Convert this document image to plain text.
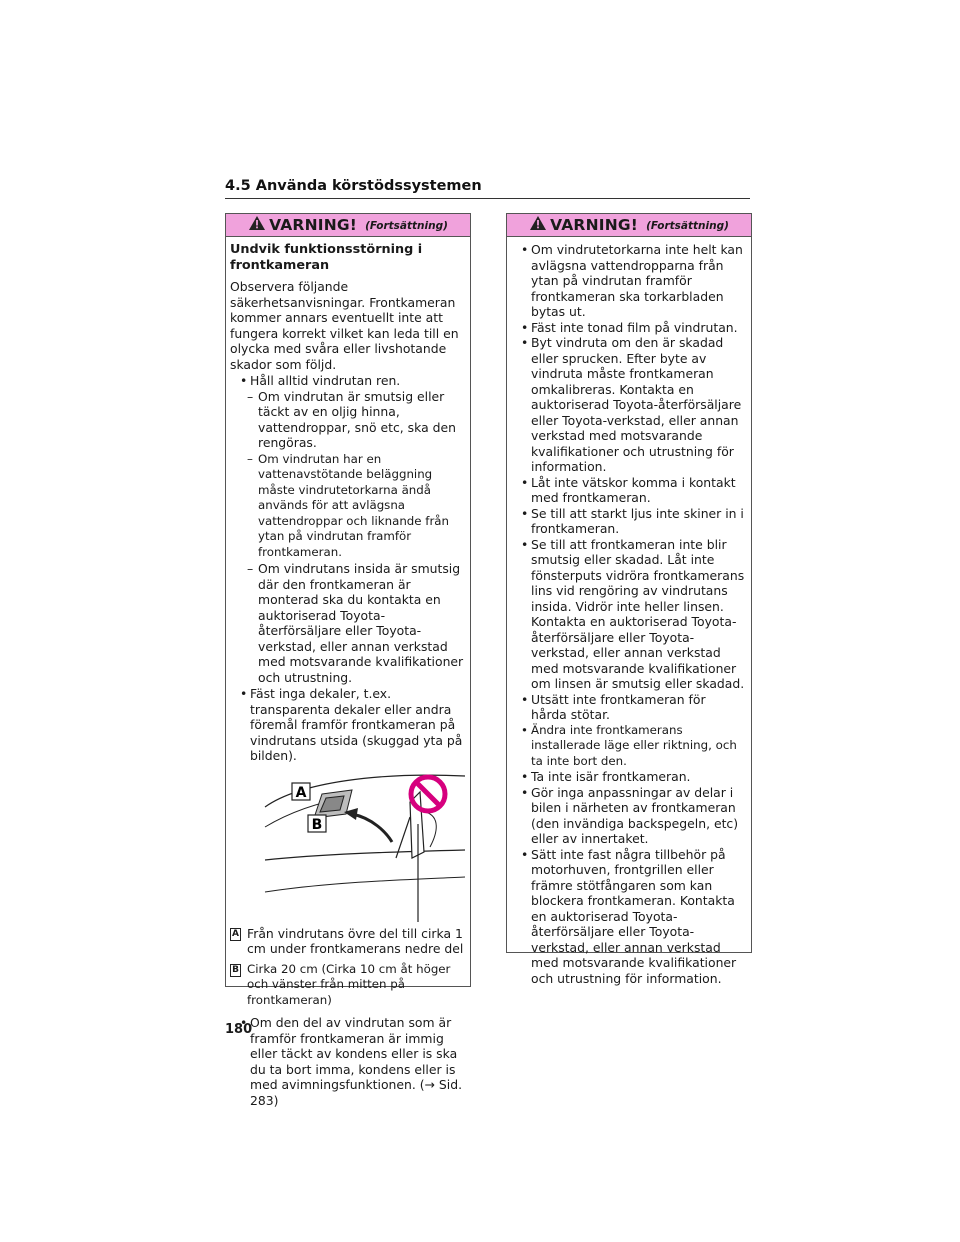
4.5 Använda körstödssystemen
VARNING! (Fortsättning)
Undvik funktionsstörning i frontkameran
Observera följande säkerhetsanvisningar. Frontkameran kommer annars eventuellt inte att fungera korrekt vilket kan leda till en olycka med svåra eller livshotande skador som följd.
• Håll alltid vindrutan ren.
– Om vindrutan är smutsig eller täckt av en oljig hinna, vattendroppar, snö etc, ska den rengöras.
– Om vindrutan har en vattenavstötande beläggning måste vindrutetorkarna ändå används för att avlägsna vattendroppar och liknande från ytan på vindrutan framför frontkameran.
– Om vindrutans insida är smutsig där den frontkameran är monterad ska du kontakta en auktoriserad Toyota-återförsäljare eller Toyota-verkstad, eller annan verkstad med motsvarande kvalifikationer och utrustning.
• Fäst inga dekaler, t.ex. transparenta dekaler eller andra föremål framför frontkameran på vindrutans utsida (skuggad yta på bilden).
A
B
A Från vindrutans övre del till cirka 1 cm under frontkamerans nedre del
B Cirka 20 cm (Cirka 10 cm åt höger och vänster från mitten på frontkameran)
• Om den del av vindrutan som är framför frontkameran är immig eller täckt av kondens eller is ska du ta bort imma, kondens eller is med avimningsfunktionen. (→ Sid. 283)
VARNING! (Fortsättning)
• Om vindrutetorkarna inte helt kan avlägsna vattendropparna från ytan på vindrutan framför frontkameran ska torkarbladen bytas ut.
• Fäst inte tonad film på vindrutan.
• Byt vindruta om den är skadad eller sprucken. Efter byte av vindruta måste frontkameran omkalibreras. Kontakta en auktoriserad Toyota-återförsäljare eller Toyota-verkstad, eller annan verkstad med motsvarande kvalifikationer och utrustning för information.
• Låt inte vätskor komma i kontakt med frontkameran.
• Se till att starkt ljus inte skiner in i frontkameran.
• Se till att frontkameran inte blir smutsig eller skadad. Låt inte fönsterputs vidröra frontkamerans lins vid rengöring av vindrutans insida. Vidrör inte heller linsen. Kontakta en auktoriserad Toyota-återförsäljare eller Toyota-verkstad, eller annan verkstad med motsvarande kvalifikationer om linsen är smutsig eller skadad.
• Utsätt inte frontkameran för hårda stötar.
• Ändra inte frontkamerans installerade läge eller riktning, och ta inte bort den.
• Ta inte isär frontkameran.
• Gör inga anpassningar av delar i bilen i närheten av frontkameran (den invändiga backspegeln, etc) eller av innertaket.
• Sätt inte fast några tillbehör på motorhuven, frontgrillen eller främre stötfångaren som kan blockera frontkameran. Kontakta en auktoriserad Toyota-återförsäljare eller Toyota-verkstad, eller annan verkstad med motsvarande kvalifikationer och utrustning för information.
180
